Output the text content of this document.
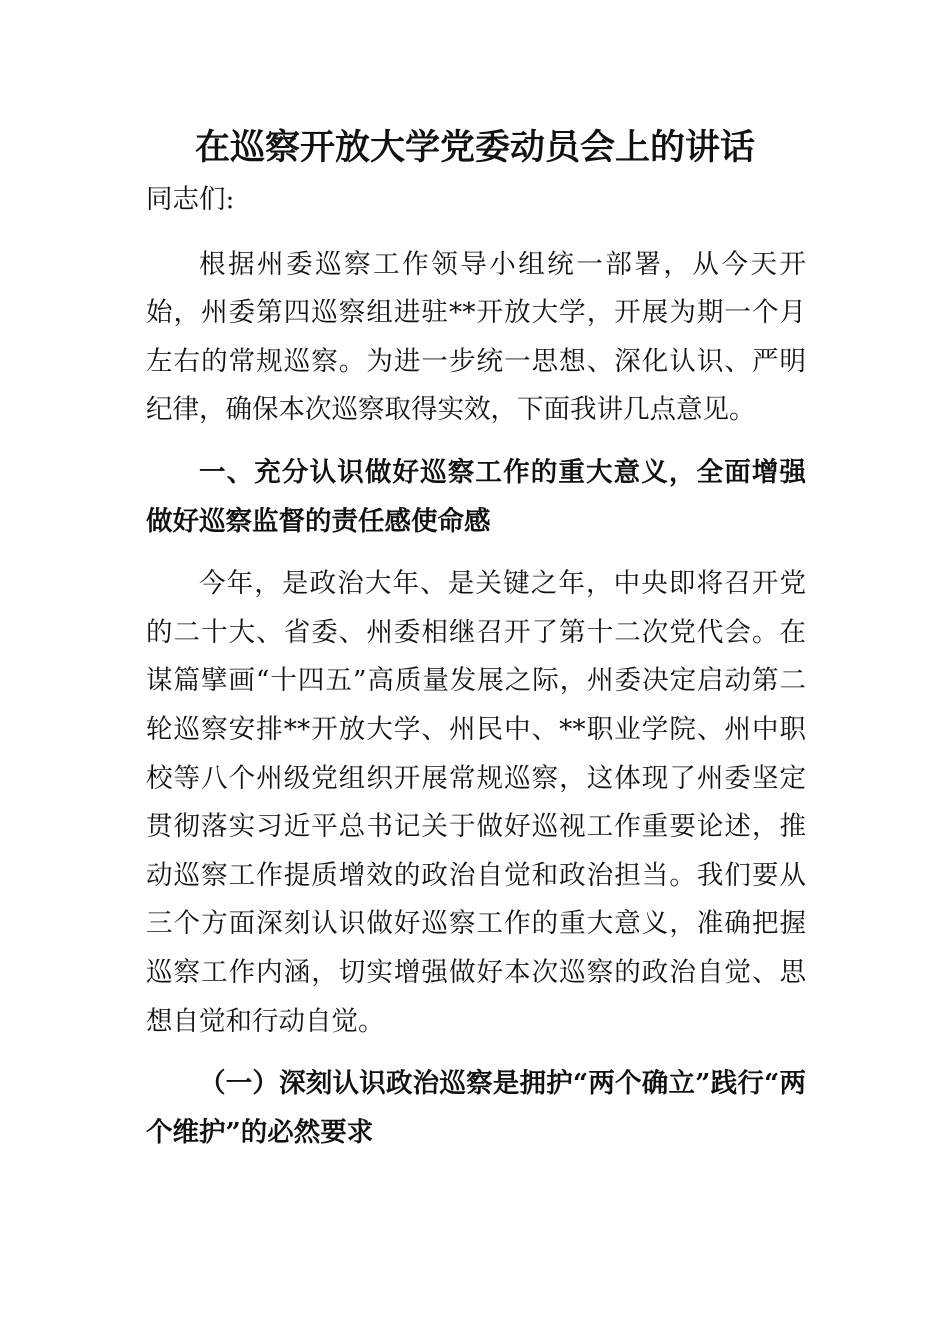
在巡察开放大学党委动员会上的讲话

同志们:

根据州委巡察工作领导小组统一部署，从今天开始，州委第四巡察组进驻**开放大学，开展为期一个月左右的常规巡察。为进一步统一思想、深化认识、严明纪律，确保本次巡察取得实效，下面我讲几点意见。

一、充分认识做好巡察工作的重大意义，全面增强做好巡察监督的责任感使命感

今年，是政治大年、是关键之年，中央即将召开党的二十大、省委、州委相继召开了第十二次党代会。在谋篇擘画“十四五”高质量发展之际，州委决定启动第二轮巡察安排**开放大学、州民中、**职业学院、州中职校等八个州级党组织开展常规巡察，这体现了州委坚定贯彻落实习近平总书记关于做好巡视工作重要论述，推动巡察工作提质增效的政治自觉和政治担当。我们要从三个方面深刻认识做好巡察工作的重大意义，准确把握巡察工作内涵，切实增强做好本次巡察的政治自觉、思想自觉和行动自觉。

（一）深刻认识政治巡察是拥护“两个确立”践行“两个维护”的必然要求
